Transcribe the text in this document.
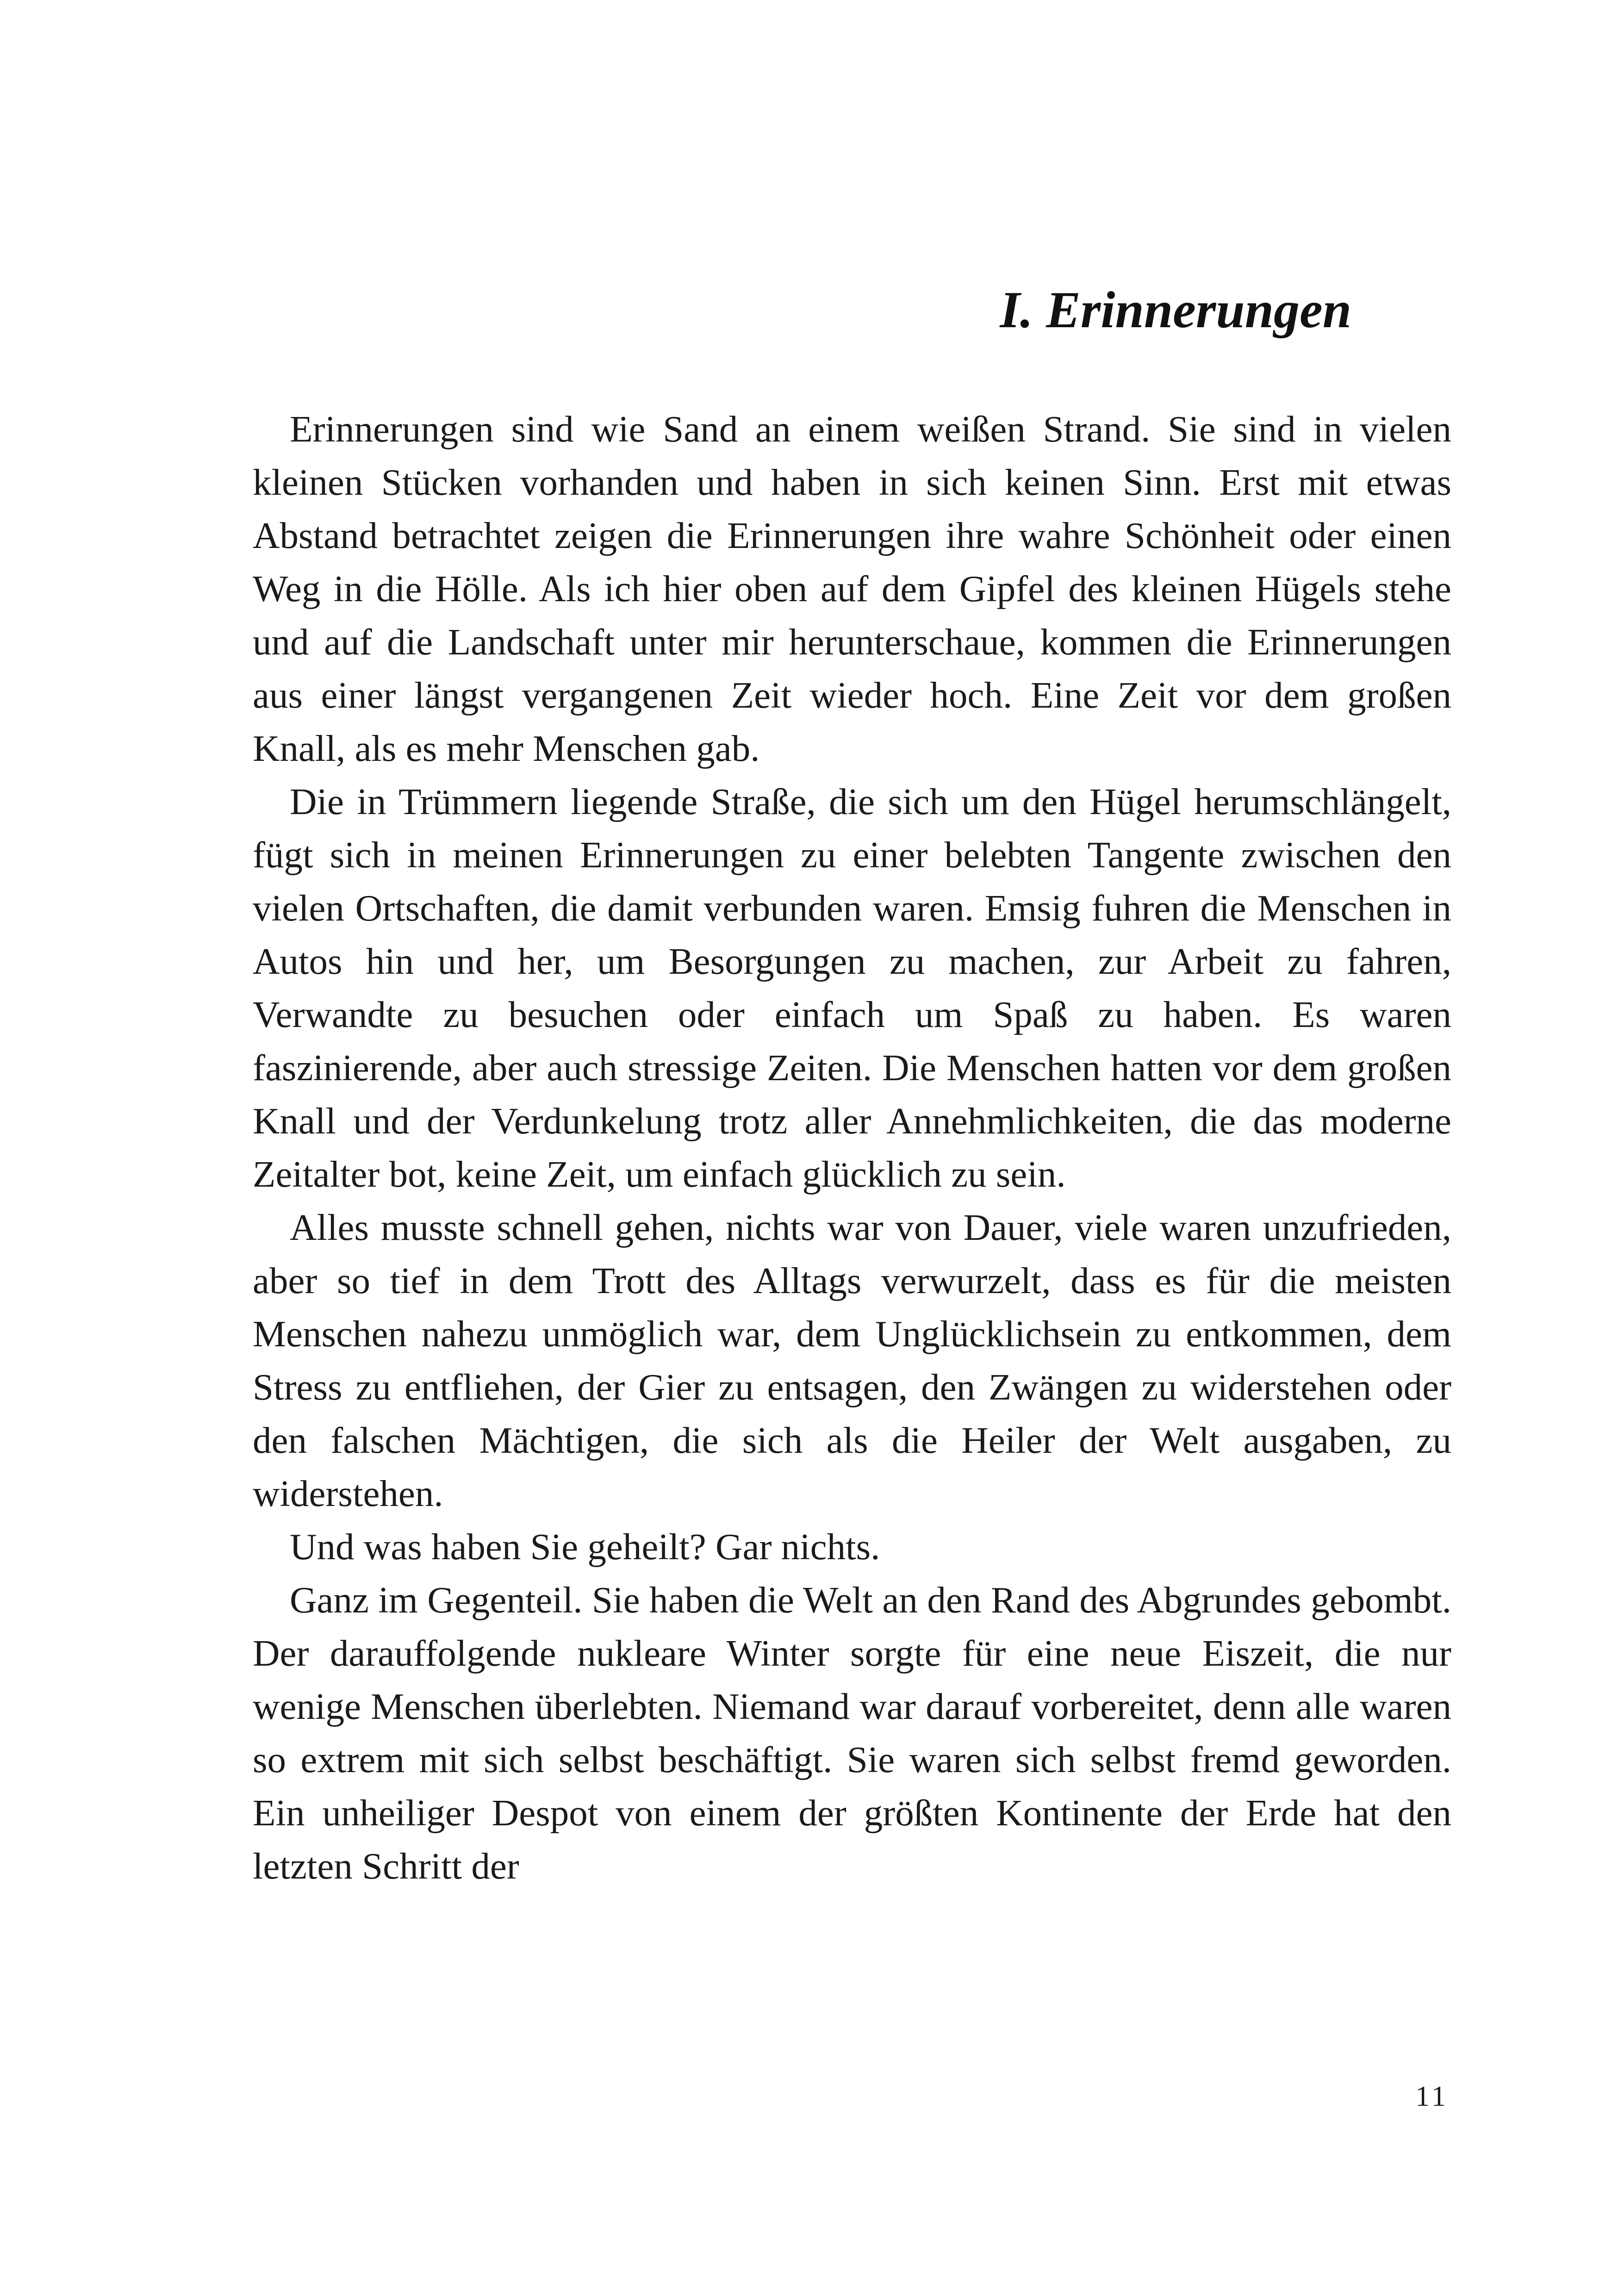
I. Erinnerungen

Erinnerungen sind wie Sand an einem weißen Strand. Sie sind in vielen kleinen Stücken vorhanden und haben in sich keinen Sinn. Erst mit etwas Abstand betrachtet zeigen die Erinnerungen ihre wahre Schönheit oder einen Weg in die Hölle. Als ich hier oben auf dem Gipfel des kleinen Hügels stehe und auf die Landschaft unter mir herunterschaue, kommen die Erinnerungen aus einer längst vergangenen Zeit wieder hoch. Eine Zeit vor dem großen Knall, als es mehr Menschen gab.

Die in Trümmern liegende Straße, die sich um den Hügel herumschlängelt, fügt sich in meinen Erinnerungen zu einer belebten Tangente zwischen den vielen Ortschaften, die damit verbunden waren. Emsig fuhren die Menschen in Autos hin und her, um Besorgungen zu machen, zur Arbeit zu fahren, Verwandte zu besuchen oder einfach um Spaß zu haben. Es waren faszinierende, aber auch stressige Zeiten. Die Menschen hatten vor dem großen Knall und der Verdunkelung trotz aller Annehmlichkeiten, die das moderne Zeitalter bot, keine Zeit, um einfach glücklich zu sein.

Alles musste schnell gehen, nichts war von Dauer, viele waren unzufrieden, aber so tief in dem Trott des Alltags verwurzelt, dass es für die meisten Menschen nahezu unmöglich war, dem Unglücklichsein zu entkommen, dem Stress zu entfliehen, der Gier zu entsagen, den Zwängen zu widerstehen oder den falschen Mächtigen, die sich als die Heiler der Welt ausgaben, zu widerstehen.

Und was haben Sie geheilt? Gar nichts.

Ganz im Gegenteil. Sie haben die Welt an den Rand des Abgrundes gebombt. Der darauffolgende nukleare Winter sorgte für eine neue Eiszeit, die nur wenige Menschen überlebten. Niemand war darauf vorbereitet, denn alle waren so extrem mit sich selbst beschäftigt. Sie waren sich selbst fremd geworden. Ein unheiliger Despot von einem der größten Kontinente der Erde hat den letzten Schritt der

11
